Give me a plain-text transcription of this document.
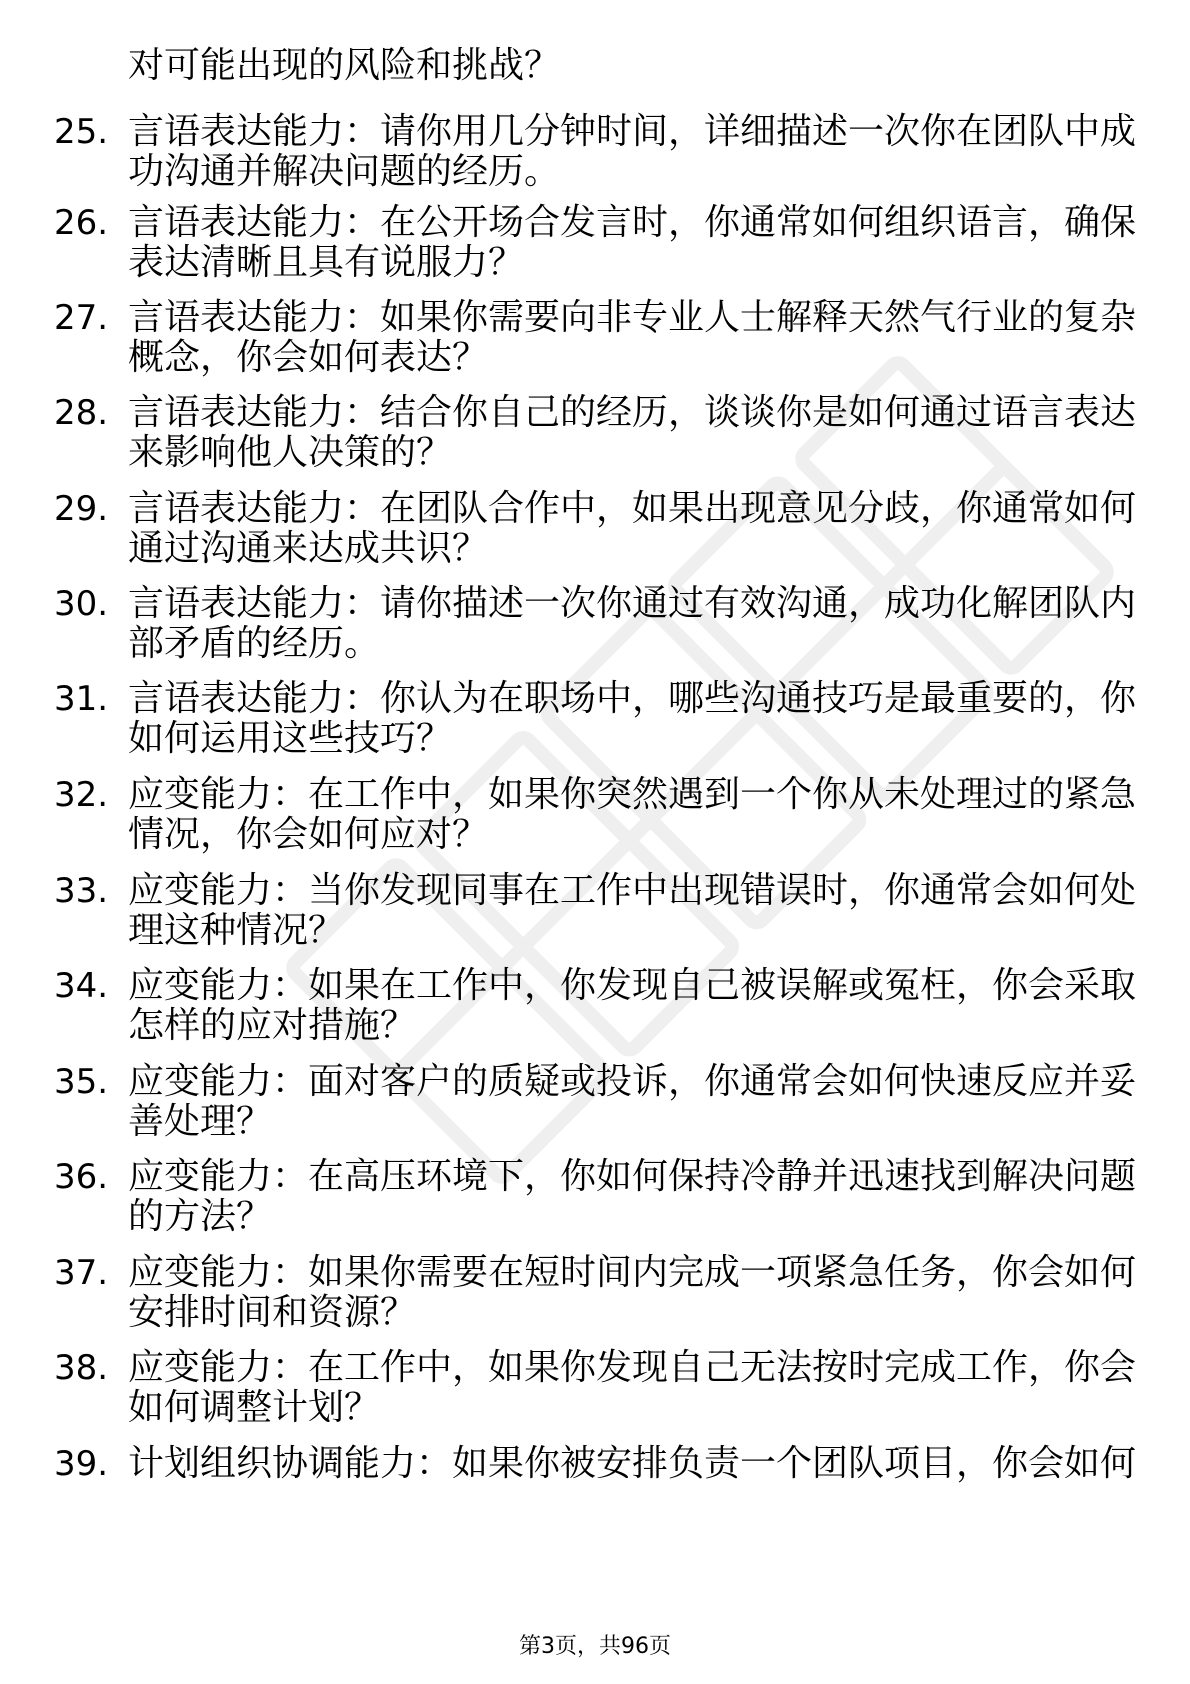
对可能出现的风险和挑战？

25. 言语表达能力：请你用几分钟时间，详细描述一次你在团队中成
功沟通并解决问题的经历。
26. 言语表达能力：在公开场合发言时，你通常如何组织语言，确保
表达清晰且具有说服力？
27. 言语表达能力：如果你需要向非专业人士解释天然气行业的复杂
概念，你会如何表达？
28. 言语表达能力：结合你自己的经历，谈谈你是如何通过语言表达
来影响他人决策的？
29. 言语表达能力：在团队合作中，如果出现意见分歧，你通常如何
通过沟通来达成共识？
30. 言语表达能力：请你描述一次你通过有效沟通，成功化解团队内
部矛盾的经历。
31. 言语表达能力：你认为在职场中，哪些沟通技巧是最重要的，你
如何运用这些技巧？
32. 应变能力：在工作中，如果你突然遇到一个你从未处理过的紧急
情况，你会如何应对？
33. 应变能力：当你发现同事在工作中出现错误时，你通常会如何处
理这种情况？
34. 应变能力：如果在工作中，你发现自己被误解或冤枉，你会采取
怎样的应对措施？
35. 应变能力：面对客户的质疑或投诉，你通常会如何快速反应并妥
善处理？
36. 应变能力：在高压环境下，你如何保持冷静并迅速找到解决问题
的方法？
37. 应变能力：如果你需要在短时间内完成一项紧急任务，你会如何
安排时间和资源？
38. 应变能力：在工作中，如果你发现自己无法按时完成工作，你会
如何调整计划？
39. 计划组织协调能力：如果你被安排负责一个团队项目，你会如何
第3页，共96页
